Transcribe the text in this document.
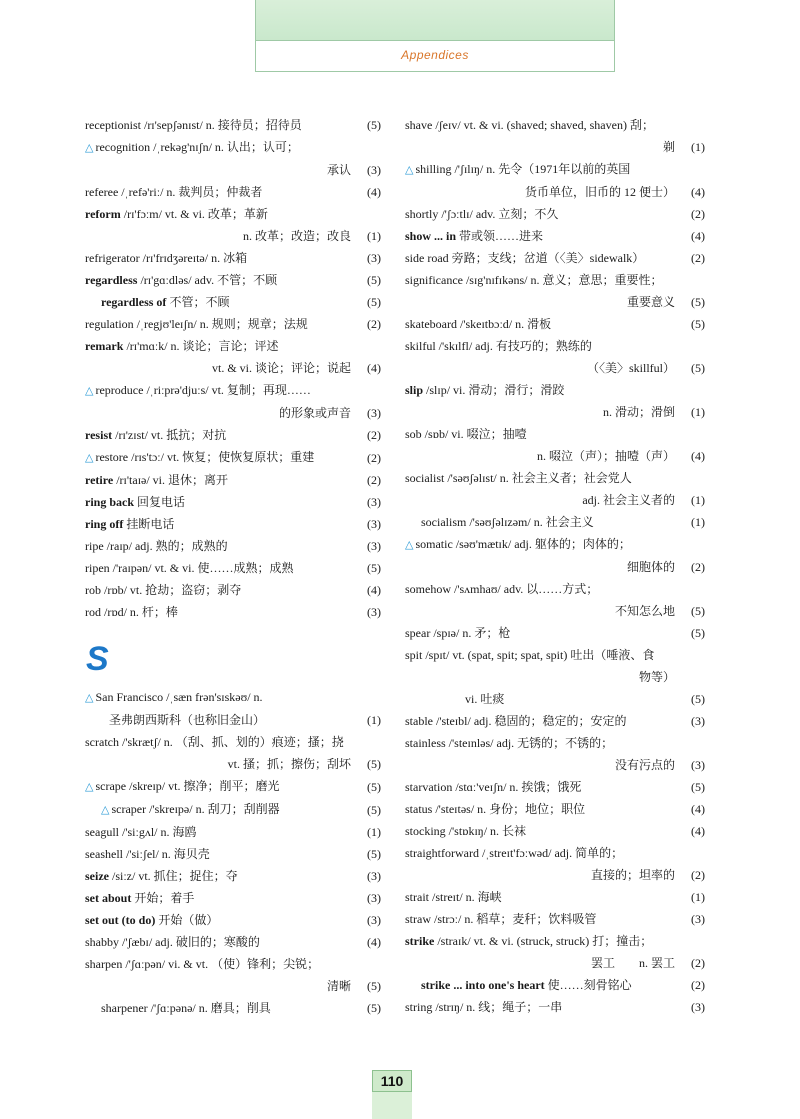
Appendices
receptionist /rɪ'sepʃənɪst/ n. 接待员；招待员	(5)
△ recognition /ˌrekəg'nɪʃn/ n. 认出；认可；
承认 (3)
referee /ˌrefə'riː/ n. 裁判员；仲裁者	(4)
reform /rɪ'fɔːm/ vt. & vi. 改革；革新
n. 改革；改造；改良 (1)
refrigerator /rɪ'frɪdʒəreɪtə/ n. 冰箱	(3)
regardless /rɪ'gɑːdləs/ adv. 不管；不顾	(5)
regardless of 不管；不顾	(5)
regulation /ˌregjʊ'leɪʃn/ n. 规则；规章；法规	(2)
remark /rɪ'mɑːk/ n. 谈论；言论；评述
vt. & vi. 谈论；评论；说起 (4)
△ reproduce /ˌriːprə'djuːs/ vt. 复制；再现……
的形象或声音 (3)
resist /rɪ'zɪst/ vt. 抵抗；对抗	(2)
△ restore /rɪs'tɔː/ vt. 恢复；使恢复原状；重建	(2)
retire /rɪ'taɪə/ vi. 退休；离开	(2)
ring back 回复电话	(3)
ring off 挂断电话	(3)
ripe /raɪp/ adj. 熟的；成熟的	(3)
ripen /'raɪpən/ vt. & vi. 使……成熟；成熟	(5)
rob /rɒb/ vt. 抢劫；盗窃；剥夺	(4)
rod /rɒd/ n. 杆；棒	(3)
S
△ San Francisco /ˌsæn frən'sɪskəʊ/ n.
圣弗朗西斯科（也称旧金山）	(1)
scratch /'skrætʃ/ n. （刮、抓、划的）痕迹；搔；挠
vt. 搔；抓；擦伤；刮坏 (5)
△ scrape /skreɪp/ vt. 擦净；削平；磨光	(5)
△ scraper /'skreɪpə/ n. 刮刀；刮削器	(5)
seagull /'siːgʌl/ n. 海鸥	(1)
seashell /'siːʃel/ n. 海贝壳	(5)
seize /siːz/ vt. 抓住；捉住；夺	(3)
set about 开始；着手	(3)
set out (to do) 开始（做）	(3)
shabby /'ʃæbɪ/ adj. 破旧的；寒酸的	(4)
sharpen /'ʃɑːpən/ vi. & vt. （使）锋利；尖锐；
清晰 (5)
sharpener /'ʃɑːpənə/ n. 磨具；削具	(5)
shave /ʃeɪv/ vt. & vi. (shaved; shaved, shaven) 刮；
剃 (1)
△ shilling /'ʃɪlɪŋ/ n. 先令（1971年以前的英国
货币单位，旧币的 12 便士） (4)
shortly /'ʃɔːtlɪ/ adv. 立刻；不久	(2)
show ... in 带或领……进来	(4)
side road 旁路；支线；岔道（〈美〉sidewalk）	(2)
significance /sɪg'nɪfɪkəns/ n. 意义；意思；重要性；
重要意义 (5)
skateboard /'skeɪtbɔːd/ n. 滑板	(5)
skilful /'skɪlfl/ adj. 有技巧的；熟练的
（〈美〉skillful） (5)
slip /slɪp/ vi. 滑动；滑行；滑跤
n. 滑动；滑倒 (1)
sob /sɒb/ vi. 啜泣；抽噎
n. 啜泣（声）；抽噎（声） (4)
socialist /'səʊʃəlɪst/ n. 社会主义者；社会党人
adj. 社会主义者的 (1)
socialism /'səʊʃəlɪzəm/ n. 社会主义	(1)
△ somatic /səʊ'mætɪk/ adj. 躯体的；肉体的；
细胞体的 (2)
somehow /'sʌmhaʊ/ adv. 以……方式；
不知怎么地 (5)
spear /spɪə/ n. 矛；枪	(5)
spit /spɪt/ vt. (spat, spit; spat, spit) 吐出（唾液、食
物等）
vi. 吐痰	(5)
stable /'steɪbl/ adj. 稳固的；稳定的；安定的	(3)
stainless /'steɪnləs/ adj. 无锈的；不锈的；
没有污点的 (3)
starvation /stɑː'veɪʃn/ n. 挨饿；饿死	(5)
status /'steɪtəs/ n. 身份；地位；职位	(4)
stocking /'stɒkɪŋ/ n. 长袜	(4)
straightforward /ˌstreɪt'fɔːwəd/ adj. 简单的；
直接的；坦率的 (2)
strait /streɪt/ n. 海峡	(1)
straw /strɔː/ n. 稻草；麦秆；饮料吸管	(3)
strike /straɪk/ vt. & vi. (struck, struck) 打；撞击；
罢工　　n. 罢工 (2)
strike ... into one's heart 使……刻骨铭心	(2)
string /strɪŋ/ n. 线；绳子；一串	(3)
110
